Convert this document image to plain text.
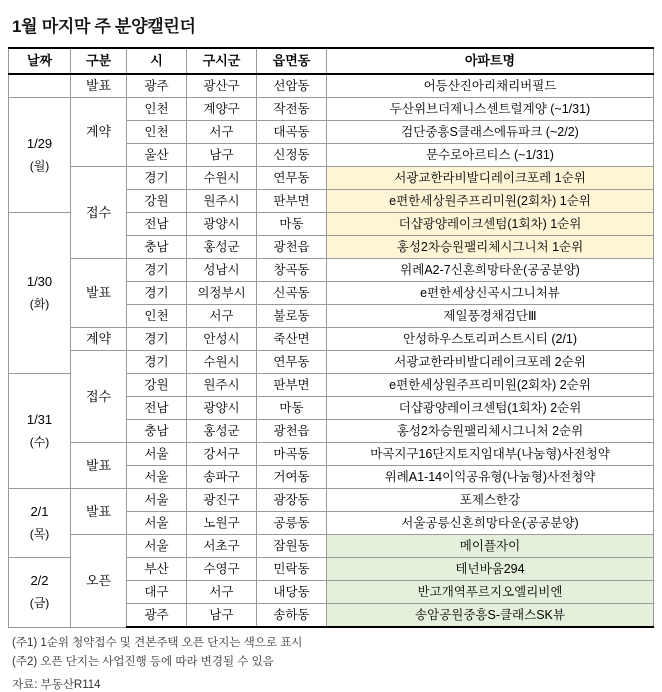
1월 마지막 주 분양캘린더
날짜	구분	시	구시군	읍면동	아파트명
	발표	광주	광산구	선암동	어등산진아리채리버필드
1/29
(월)	계약	인천	계양구	작전동	두산위브더제니스센트럴계양 (~1/31)
		인천	서구	대곡동	검단중흥S클래스에듀파크 (~2/2)
		울산	남구	신정동	문수로아르티스 (~1/31)
	접수	경기	수원시	연무동	서광교한라비발디레이크포레 1순위
		강원	원주시	판부면	e편한세상원주프리미원(2회차) 1순위
1/30
(화)		전남	광양시	마동	더샵광양레이크센텀(1회차) 1순위
		충남	홍성군	광천읍	홍성2차승원팰리체시그니처 1순위
	발표	경기	성남시	창곡동	위례A2-7신혼희망타운(공공분양)
		경기	의정부시	신곡동	e편한세상신곡시그니처뷰
		인천	서구	불로동	제일풍경채검단Ⅲ
	계약	경기	안성시	죽산면	안성하우스토리퍼스트시티 (2/1)
	접수	경기	수원시	연무동	서광교한라비발디레이크포레 2순위
1/31
(수)		강원	원주시	판부면	e편한세상원주프리미원(2회차) 2순위
		전남	광양시	마동	더샵광양레이크센텀(1회차) 2순위
		충남	홍성군	광천읍	홍성2차승원팰리체시그니처 2순위
	발표	서울	강서구	마곡동	마곡지구16단지토지임대부(나눔형)사전청약
		서울	송파구	거여동	위례A1-14이익공유형(나눔형)사전청약
2/1
(목)	발표	서울	광진구	광장동	포제스한강
		서울	노원구	공릉동	서울공릉신혼희망타운(공공분양)
	오픈	서울	서초구	잠원동	메이플자이
2/2
(금)		부산	수영구	민락동	테넌바움294
		대구	서구	내당동	반고개역푸르지오엘리비엔
		광주	남구	송하동	송암공원중흥S-클래스SK뷰
(주1) 1순위 청약접수 및 견본주택 오픈 단지는 색으로 표시
(주2) 오픈 단지는 사업진행 등에 따라 변경될 수 있음
자료: 부동산R114
